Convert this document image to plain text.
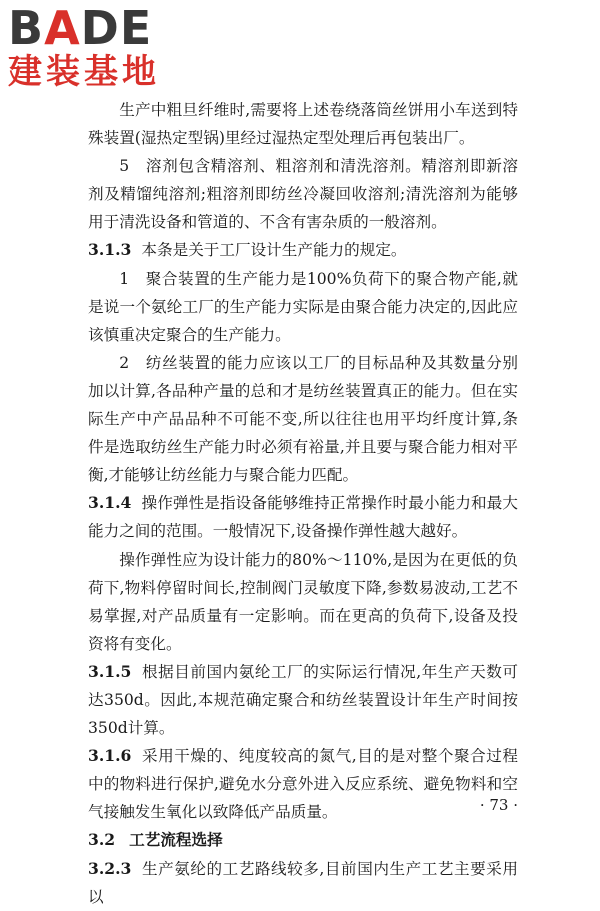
BADE
建装基地

生产中粗旦纤维时,需要将上述卷绕落筒丝饼用小车送到特殊装置(湿热定型锅)里经过湿热定型处理后再包装出厂。

5　溶剂包含精溶剂、粗溶剂和清洗溶剂。精溶剂即新溶剂及精馏纯溶剂;粗溶剂即纺丝冷凝回收溶剂;清洗溶剂为能够用于清洗设备和管道的、不含有害杂质的一般溶剂。

3.1.3 本条是关于工厂设计生产能力的规定。

1　聚合装置的生产能力是100%负荷下的聚合物产能,就是说一个氨纶工厂的生产能力实际是由聚合能力决定的,因此应该慎重决定聚合的生产能力。

2　纺丝装置的能力应该以工厂的目标品种及其数量分别加以计算,各品种产量的总和才是纺丝装置真正的能力。但在实际生产中产品品种不可能不变,所以往往也用平均纤度计算,条件是选取纺丝生产能力时必须有裕量,并且要与聚合能力相对平衡,才能够让纺丝能力与聚合能力匹配。

3.1.4 操作弹性是指设备能够维持正常操作时最小能力和最大能力之间的范围。一般情况下,设备操作弹性越大越好。

操作弹性应为设计能力的80%～110%,是因为在更低的负荷下,物料停留时间长,控制阀门灵敏度下降,参数易波动,工艺不易掌握,对产品质量有一定影响。而在更高的负荷下,设备及投资将有变化。

3.1.5 根据目前国内氨纶工厂的实际运行情况,年生产天数可达350d。因此,本规范确定聚合和纺丝装置设计年生产时间按350d计算。

3.1.6 采用干燥的、纯度较高的氮气,目的是对整个聚合过程中的物料进行保护,避免水分意外进入反应系统、避免物料和空气接触发生氧化以致降低产品质量。

3.2 工艺流程选择

3.2.3 生产氨纶的工艺路线较多,目前国内生产工艺主要采用以

· 73 ·
